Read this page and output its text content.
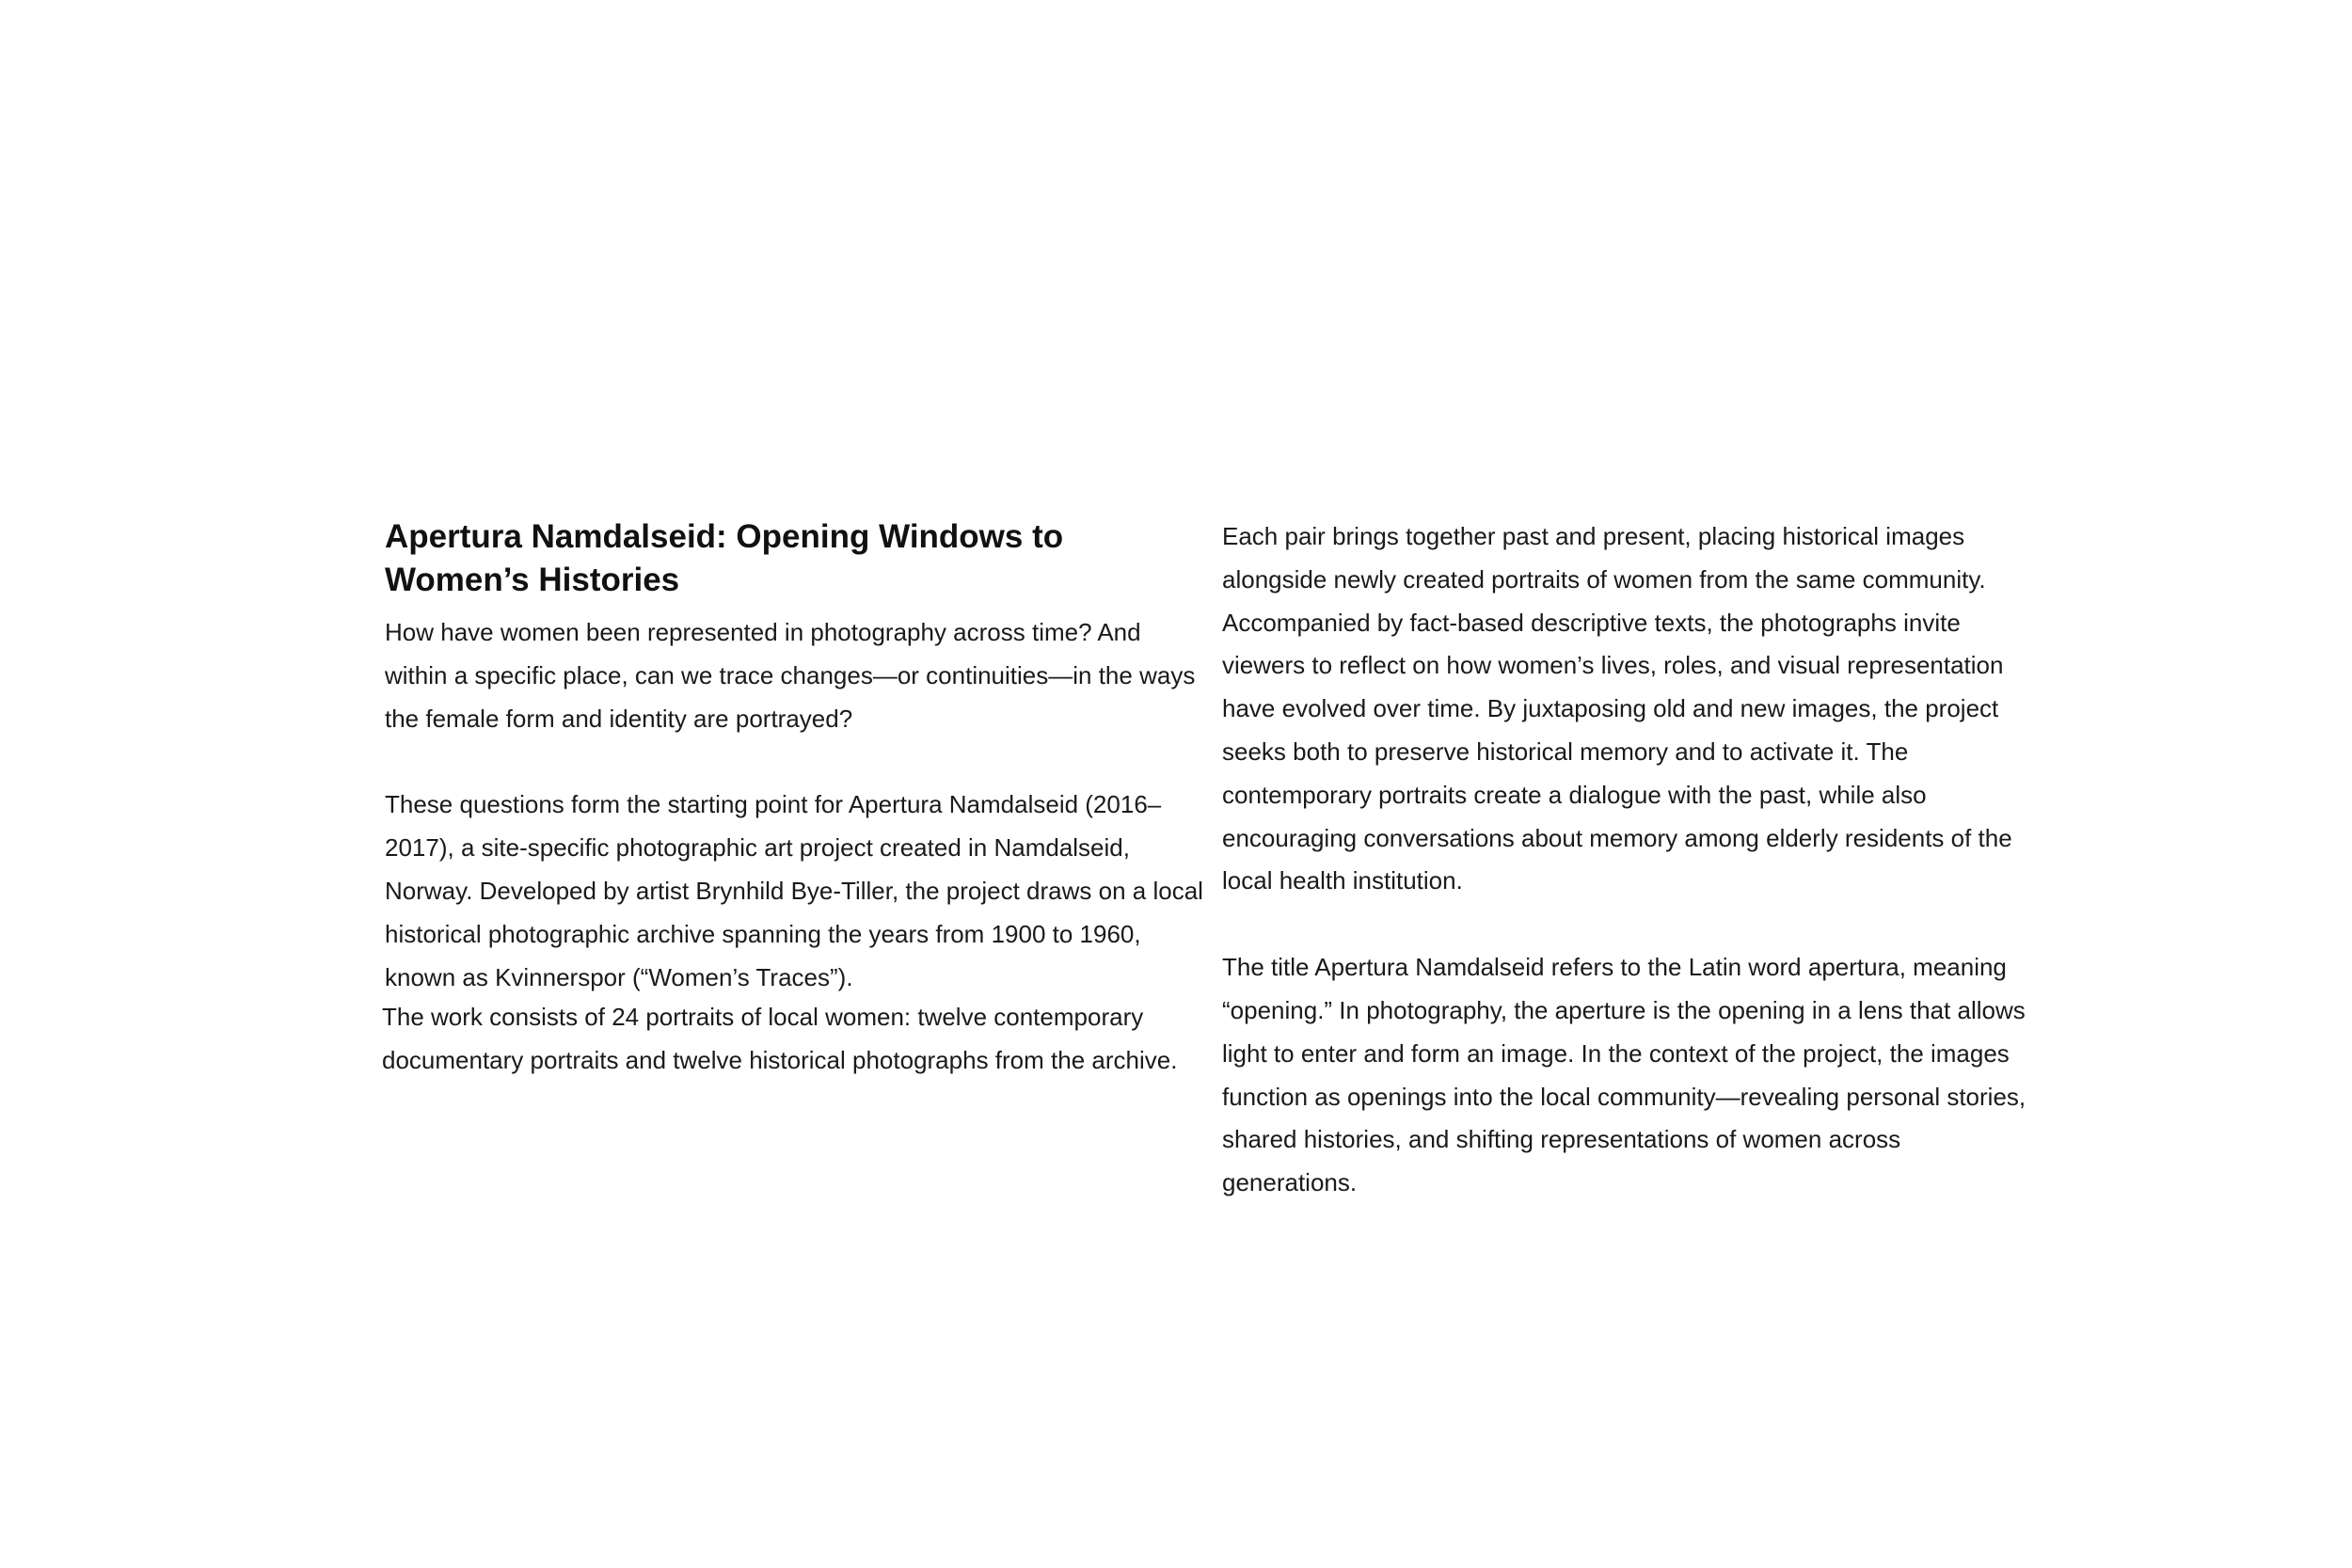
Apertura Namdalseid: Opening Windows to Women’s Histories

How have women been represented in photography across time? And within a specific place, can we trace changes—or continuities—in the ways the female form and identity are portrayed?

These questions form the starting point for Apertura Namdalseid (2016–2017), a site-specific photographic art project created in Namdalseid, Norway. Developed by artist Brynhild Bye-Tiller, the project draws on a local historical photographic archive spanning the years from 1900 to 1960, known as Kvinnerspor (“Women’s Traces”).

The work consists of 24 portraits of local women: twelve contemporary documentary portraits and twelve historical photographs from the archive.

Each pair brings together past and present, placing historical images alongside newly created portraits of women from the same community. Accompanied by fact-based descriptive texts, the photographs invite viewers to reflect on how women’s lives, roles, and visual representation have evolved over time. By juxtaposing old and new images, the project seeks both to preserve historical memory and to activate it. The contemporary portraits create a dialogue with the past, while also encouraging conversations about memory among elderly residents of the local health institution.

The title Apertura Namdalseid refers to the Latin word apertura, meaning “opening.” In photography, the aperture is the opening in a lens that allows light to enter and form an image. In the context of the project, the images function as openings into the local community—revealing personal stories, shared histories, and shifting representations of women across generations.
